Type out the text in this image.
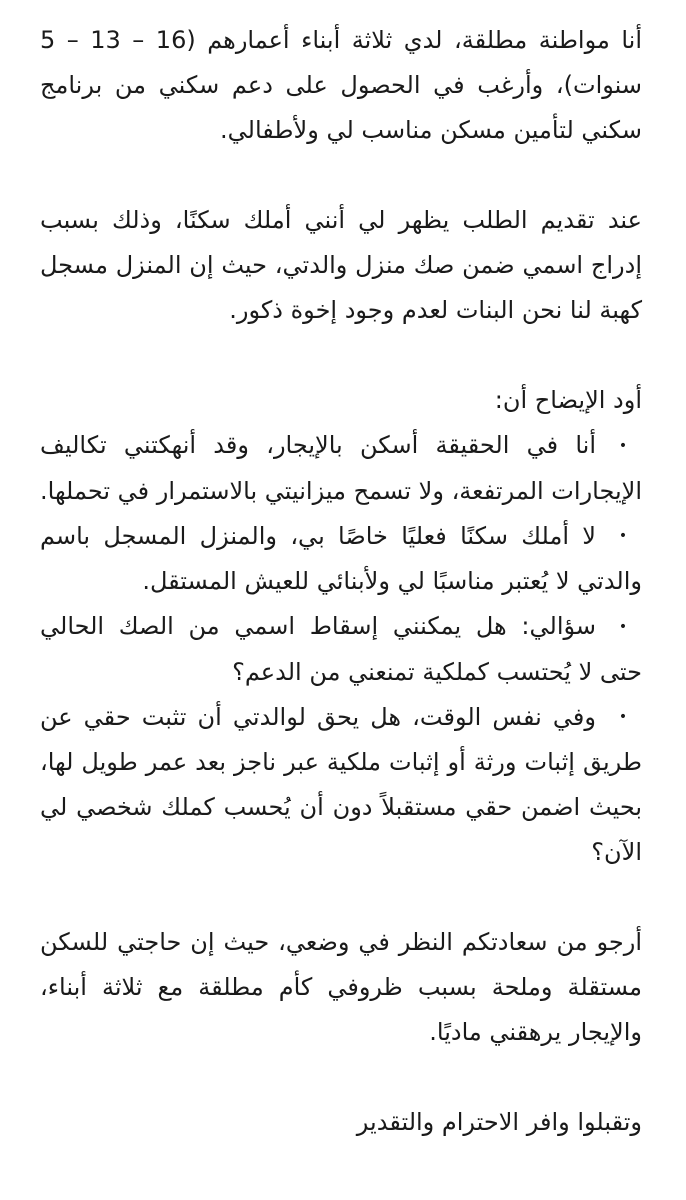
أنا مواطنة مطلقة، لدي ثلاثة أبناء أعمارهم (16 – 13 – 5 سنوات)، وأرغب في الحصول على دعم سكني من برنامج سكني لتأمين مسكن مناسب لي ولأطفالي.

عند تقديم الطلب يظهر لي أنني أملك سكنًا، وذلك بسبب إدراج اسمي ضمن صك منزل والدتي، حيث إن المنزل مسجل كهبة لنا نحن البنات لعدم وجود إخوة ذكور.

أود الإيضاح أن:

•أنا في الحقيقة أسكن بالإيجار، وقد أنهكتني تكاليف الإيجارات المرتفعة، ولا تسمح ميزانيتي بالاستمرار في تحملها.
•لا أملك سكنًا فعليًا خاصًا بي، والمنزل المسجل باسم والدتي لا يُعتبر مناسبًا لي ولأبنائي للعيش المستقل.
•سؤالي: هل يمكنني إسقاط اسمي من الصك الحالي حتى لا يُحتسب كملكية تمنعني من الدعم؟
•وفي نفس الوقت، هل يحق لوالدتي أن تثبت حقي عن طريق إثبات ورثة أو إثبات ملكية عبر ناجز بعد عمر طويل لها، بحيث اضمن حقي مستقبلاً دون أن يُحسب كملك شخصي لي الآن؟

أرجو من سعادتكم النظر في وضعي، حيث إن حاجتي للسكن مستقلة وملحة بسبب ظروفي كأم مطلقة مع ثلاثة أبناء، والإيجار يرهقني ماديًا.

وتقبلوا وافر الاحترام والتقدير
